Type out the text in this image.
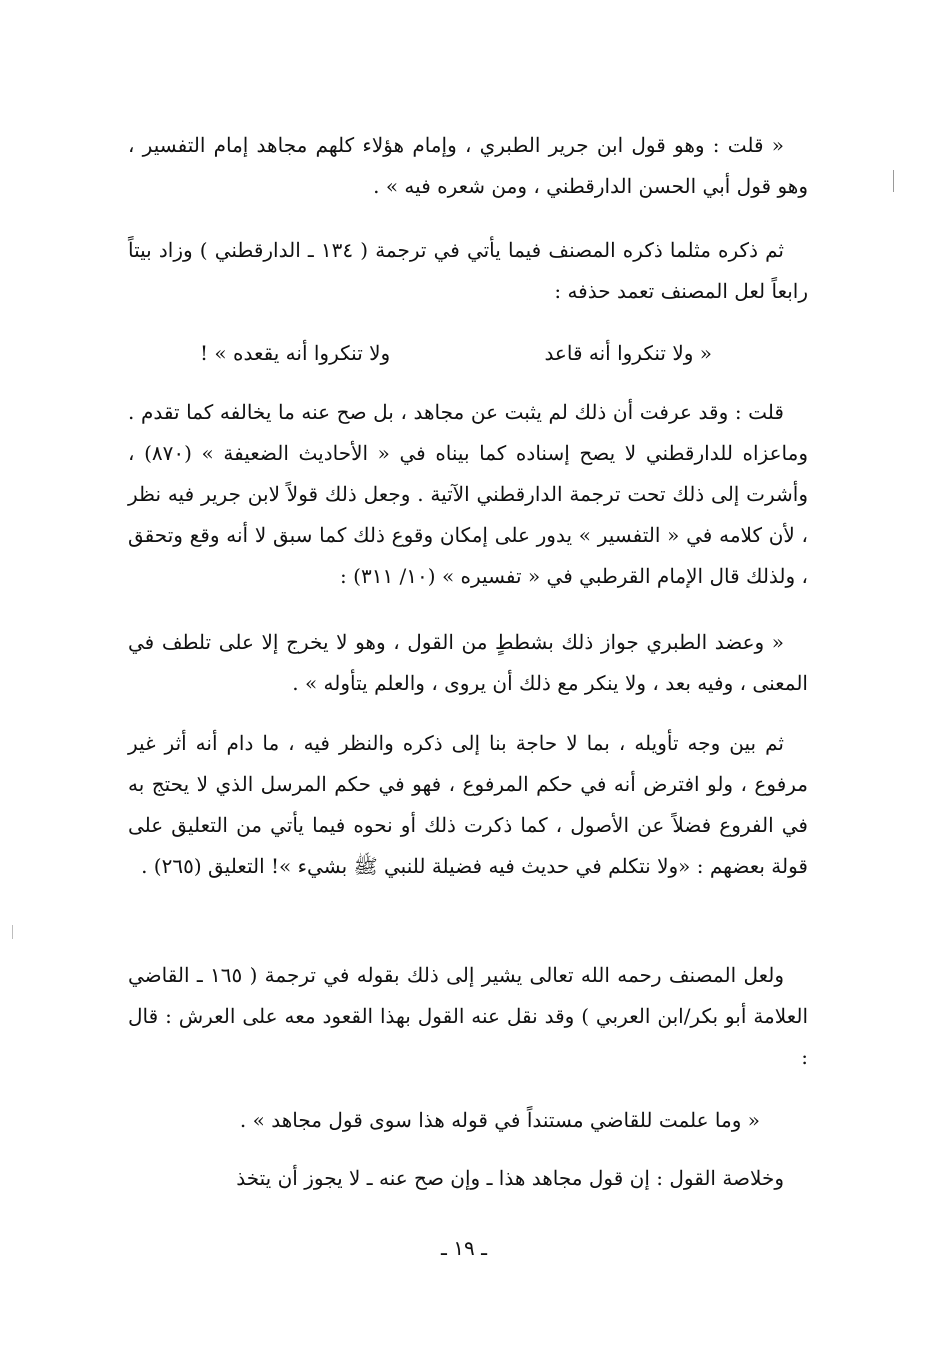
« قلت : وهو قول ابن جرير الطبري ، وإمام هؤلاء كلهم مجاهد إمام التفسير ، وهو قول أبي الحسن الدارقطني ، ومن شعره فيه » .

ثم ذكره مثلما ذكره المصنف فيما يأتي في ترجمة ( ١٣٤ ـ الدارقطني ) وزاد بيتاً رابعاً لعل المصنف تعمد حذفه :

« ولا تنكروا أنه قاعد
ولا تنكروا أنه يقعده » !

قلت : وقد عرفت أن ذلك لم يثبت عن مجاهد ، بل صح عنه ما يخالفه كما تقدم . وماعزاه للدارقطني لا يصح إسناده كما بيناه في « الأحاديث الضعيفة » (٨٧٠) ، وأشرت إلى ذلك تحت ترجمة الدارقطني الآتية . وجعل ذلك قولاً لابن جرير فيه نظر ، لأن كلامه في « التفسير » يدور على إمكان وقوع ذلك كما سبق لا أنه وقع وتحقق ، ولذلك قال الإمام القرطبي في « تفسيره » (١٠/ ٣١١) :

« وعضد الطبري جواز ذلك بشططٍ من القول ، وهو لا يخرج إلا على تلطف في المعنى ، وفيه بعد ، ولا ينكر مع ذلك أن يروى ، والعلم يتأوله » .

ثم بين وجه تأويله ، بما لا حاجة بنا إلى ذكره والنظر فيه ، ما دام أنه أثر غير مرفوع ، ولو افترض أنه في حكم المرفوع ، فهو في حكم المرسل الذي لا يحتج به في الفروع فضلاً عن الأصول ، كما ذكرت ذلك أو نحوه فيما يأتي من التعليق على قولة بعضهم : «ولا نتكلم في حديث فيه فضيلة للنبي ﷺ بشيء »! التعليق (٢٦٥) .

ولعل المصنف رحمه الله تعالى يشير إلى ذلك بقوله في ترجمة ( ١٦٥ ـ القاضي العلامة أبو بكر/ابن العربي ) وقد نقل عنه القول بهذا القعود معه على العرش : قال :

« وما علمت للقاضي مستنداً في قوله هذا سوى قول مجاهد » .

وخلاصة القول : إن قول مجاهد هذا ـ وإن صح عنه ـ لا يجوز أن يتخذ

ـ ١٩ ـ
